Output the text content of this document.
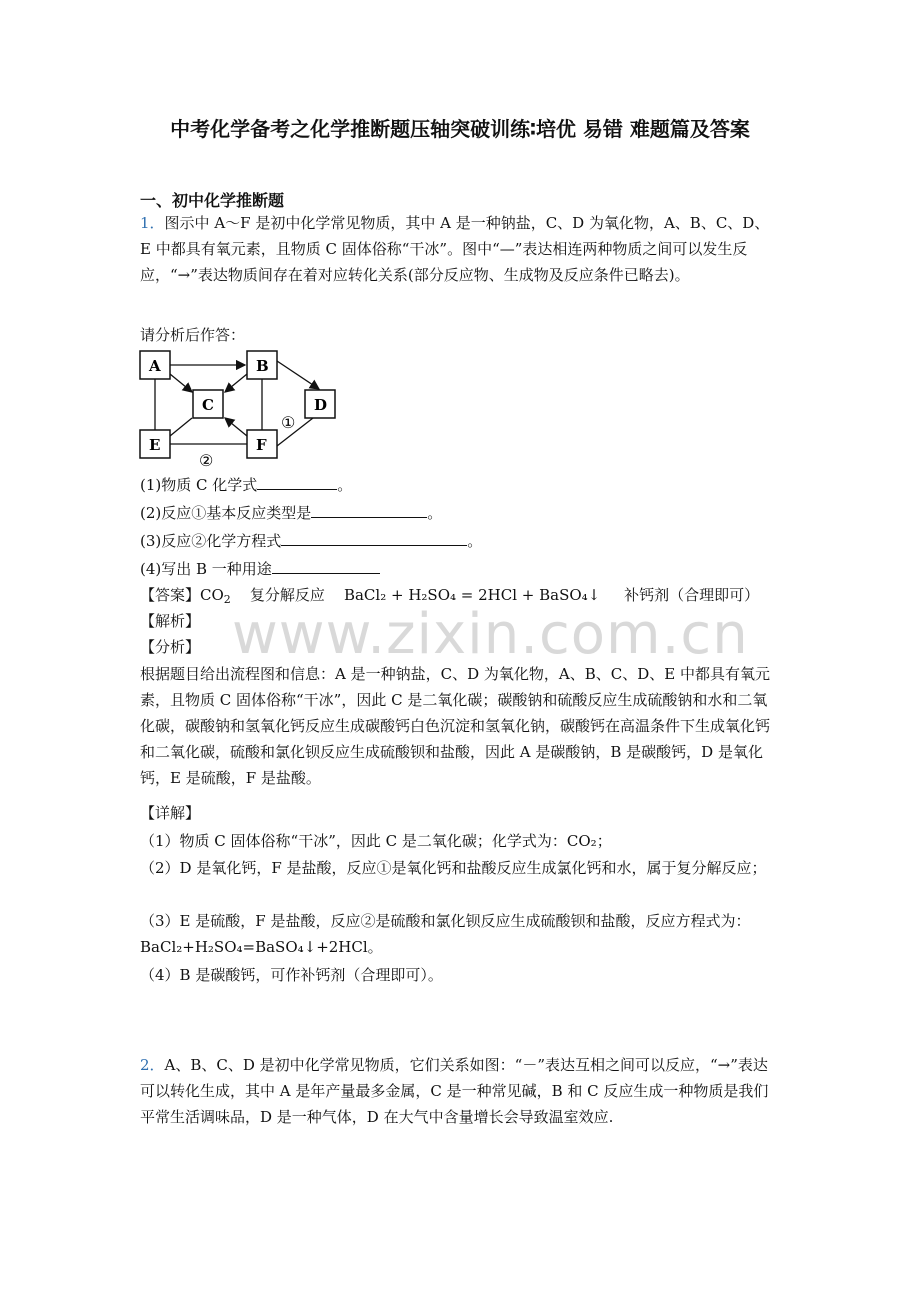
中考化学备考之化学推断题压轴突破训练∶培优 易错 难题篇及答案
一、初中化学推断题
1．图示中 A～F 是初中化学常见物质，其中 A 是一种钠盐，C、D 为氧化物，A、B、C、D、E 中都具有氧元素，且物质 C 固体俗称“干冰”。图中“—”表达相连两种物质之间可以发生反应，“→”表达物质间存在着对应转化关系(部分反应物、生成物及反应条件已略去)。
请分析后作答：
A	B
C	D
E	F
①
②
(1)物质 C 化学式	。
(2)反应①基本反应类型是	。
(3)反应②化学方程式	。
(4)写出 B 一种用途
【答案】$CO_2$ 复分解反应 BaCl₂ + H₂SO₄ = 2HCl + BaSO₄↓ 补钙剂（合理即可）
【解析】
【分析】
根据题目给出流程图和信息：A 是一种钠盐，C、D 为氧化物，A、B、C、D、E 中都具有氧元素，且物质 C 固体俗称“干冰”，因此 C 是二氧化碳；碳酸钠和硫酸反应生成硫酸钠和水和二氧化碳，碳酸钠和氢氧化钙反应生成碳酸钙白色沉淀和氢氧化钠，碳酸钙在高温条件下生成氧化钙和二氧化碳，硫酸和氯化钡反应生成硫酸钡和盐酸，因此 A 是碳酸钠，B 是碳酸钙，D 是氧化钙，E 是硫酸，F 是盐酸。
【详解】
（1）物质 C 固体俗称“干冰”，因此 C 是二氧化碳；化学式为：CO₂；
（2）D 是氧化钙，F 是盐酸，反应①是氧化钙和盐酸反应生成氯化钙和水，属于复分解反应；
（3）E 是硫酸，F 是盐酸，反应②是硫酸和氯化钡反应生成硫酸钡和盐酸，反应方程式为：BaCl₂+H₂SO₄=BaSO₄↓+2HCl。
（4）B 是碳酸钙，可作补钙剂（合理即可）。
www.zixin.com.cn
2．A、B、C、D 是初中化学常见物质，它们关系如图：“－”表达互相之间可以反应，“→”表达可以转化生成，其中 A 是年产量最多金属，C 是一种常见碱，B 和 C 反应生成一种物质是我们平常生活调味品，D 是一种气体，D 在大气中含量增长会导致温室效应.
